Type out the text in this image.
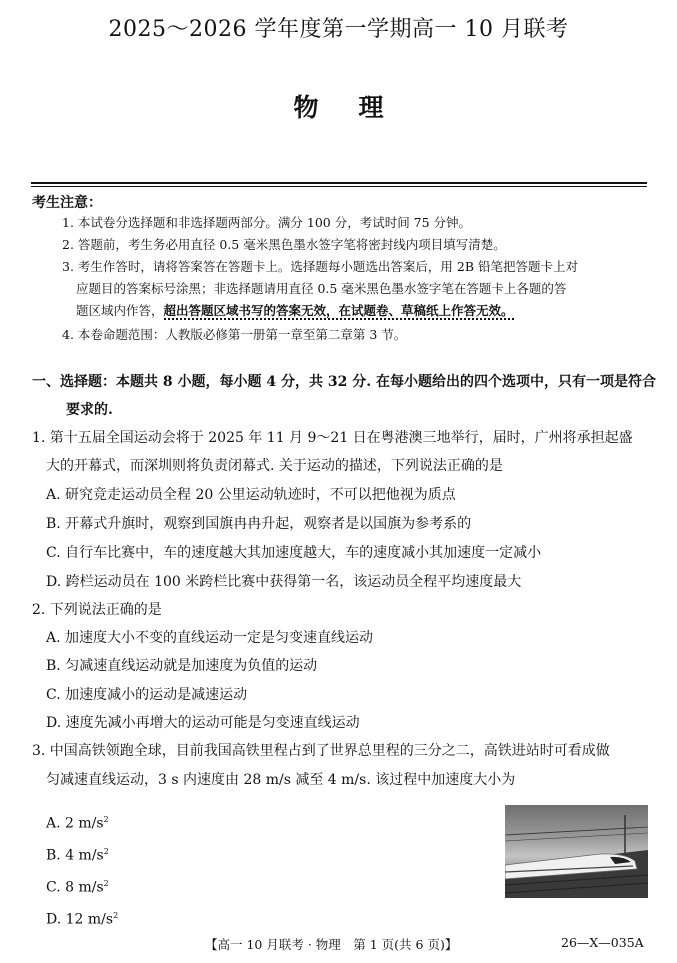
2025～2026 学年度第一学期高一 10 月联考
物理
考生注意：
1. 本试卷分选择题和非选择题两部分。满分 100 分，考试时间 75 分钟。
2. 答题前，考生务必用直径 0.5 毫米黑色墨水签字笔将密封线内项目填写清楚。
3. 考生作答时，请将答案答在答题卡上。选择题每小题选出答案后，用 2B 铅笔把答题卡上对
应题目的答案标号涂黑；非选择题请用直径 0.5 毫米黑色墨水签字笔在答题卡上各题的答
题区域内作答，超出答题区域书写的答案无效，在试题卷、草稿纸上作答无效。
4. 本卷命题范围：人教版必修第一册第一章至第二章第 3 节。
一、选择题：本题共 8 小题，每小题 4 分，共 32 分. 在每小题给出的四个选项中，只有一项是符合
要求的.
1. 第十五届全国运动会将于 2025 年 11 月 9～21 日在粤港澳三地举行，届时，广州将承担起盛
大的开幕式，而深圳则将负责闭幕式. 关于运动的描述，下列说法正确的是
A. 研究竞走运动员全程 20 公里运动轨迹时，不可以把他视为质点
B. 开幕式升旗时，观察到国旗冉冉升起，观察者是以国旗为参考系的
C. 自行车比赛中，车的速度越大其加速度越大，车的速度减小其加速度一定减小
D. 跨栏运动员在 100 米跨栏比赛中获得第一名，该运动员全程平均速度最大
2. 下列说法正确的是
A. 加速度大小不变的直线运动一定是匀变速直线运动
B. 匀减速直线运动就是加速度为负值的运动
C. 加速度减小的运动是减速运动
D. 速度先减小再增大的运动可能是匀变速直线运动
3. 中国高铁领跑全球，目前我国高铁里程占到了世界总里程的三分之二，高铁进站时可看成做
匀减速直线运动，3 s 内速度由 28 m/s 减至 4 m/s. 该过程中加速度大小为
A. 2 $m/s^2$
B. 4 $m/s^2$
C. 8 $m/s^2$
D. 12 $m/s^2$
【高一 10 月联考 · 物理　第 1 页(共 6 页)】	26—X—035A
